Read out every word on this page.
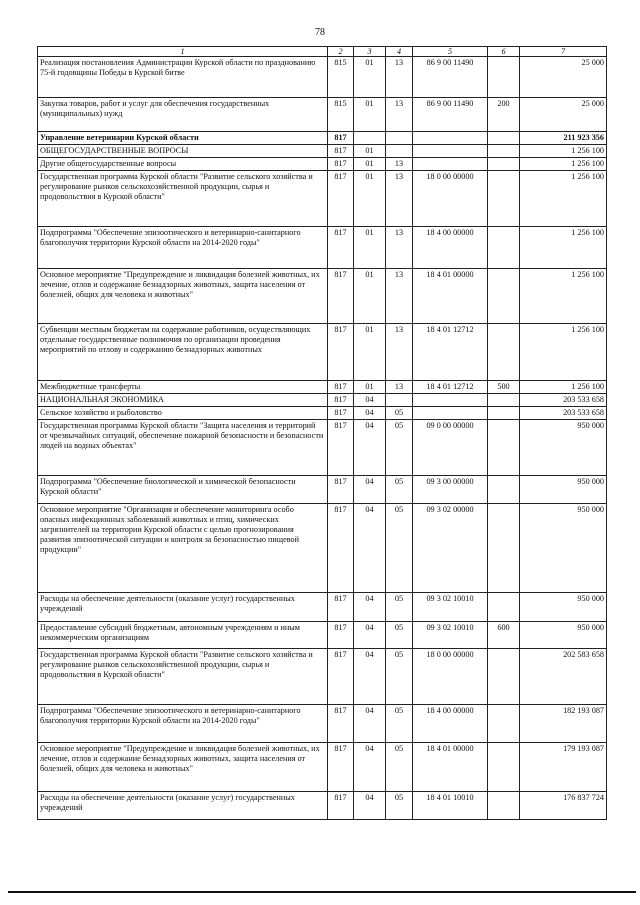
78
1	2	3	4	5	6	7
Реализация постановления Администрации Курской области по празднованию 75-й годовщины Победы в Курской битве	815	01	13	86 9 00 11490		25 000
Закупка товаров, работ и услуг для обеспечения государственных (муниципальных) нужд	815	01	13	86 9 00 11490	200	25 000
Управление ветеринарии Курской области	817					211 923 356
ОБЩЕГОСУДАРСТВЕННЫЕ ВОПРОСЫ	817	01				1 256 100
Другие общегосударственные вопросы	817	01	13			1 256 100
Государственная программа Курской области "Развитие сельского хозяйства и регулирование рынков сельскохозяйственной продукции, сырья и продовольствия в Курской области"	817	01	13	18 0 00 00000		1 256 100
Подпрограмма "Обеспечение эпизоотического и ветеринарно-санитарного благополучия территории Курской области на 2014-2020 годы"	817	01	13	18 4 00 00000		1 256 100
Основное мероприятие "Предупреждение и ликвидация болезней животных, их лечение, отлов и содержание безнадзорных животных, защита населения от болезней, общих для человека и животных"	817	01	13	18 4 01 00000		1 256 100
Субвенции местным бюджетам на содержание работников, осуществляющих отдельные государственные полномочия по организации проведения мероприятий по отлову и содержанию безнадзорных животных	817	01	13	18 4 01 12712		1 256 100
Межбюджетные трансферты	817	01	13	18 4 01 12712	500	1 256 100
НАЦИОНАЛЬНАЯ ЭКОНОМИКА	817	04				203 533 658
Сельское хозяйство и рыболовство	817	04	05			203 533 658
Государственная программа Курской области "Защита населения и территорий от чрезвычайных ситуаций, обеспечение пожарной безопасности и безопасности людей на водных объектах"	817	04	05	09 0 00 00000		950 000
Подпрограмма "Обеспечение биологической и химической безопасности Курской области"	817	04	05	09 3 00 00000		950 000
Основное мероприятие "Организация и обеспечение мониторинга особо опасных инфекционных заболеваний животных и птиц, химических загрязнителей на территории Курской области с целью прогнозирования развития эпизоотической ситуации и контроля за безопасностью пищевой продукции"	817	04	05	09 3 02 00000		950 000
Расходы на обеспечение деятельности (оказание услуг) государственных учреждений	817	04	05	09 3 02 10010		950 000
Предоставление субсидий бюджетным, автономным учреждениям и иным некоммерческим организациям	817	04	05	09 3 02 10010	600	950 000
Государственная программа Курской области "Развитие сельского хозяйства и регулирование рынков сельскохозяйственной продукции, сырья и продовольствия в Курской области"	817	04	05	18 0 00 00000		202 583 658
Подпрограмма "Обеспечение эпизоотического и ветеринарно-санитарного благополучия территории Курской области на 2014-2020 годы"	817	04	05	18 4 00 00000		182 193 087
Основное мероприятие "Предупреждение и ликвидация болезней животных, их лечение, отлов и содержание безнадзорных животных, защита населения от болезней, общих для человека и животных"	817	04	05	18 4 01 00000		179 193 087
Расходы на обеспечение деятельности (оказание услуг) государственных учреждений	817	04	05	18 4 01 10010		176 837 724
